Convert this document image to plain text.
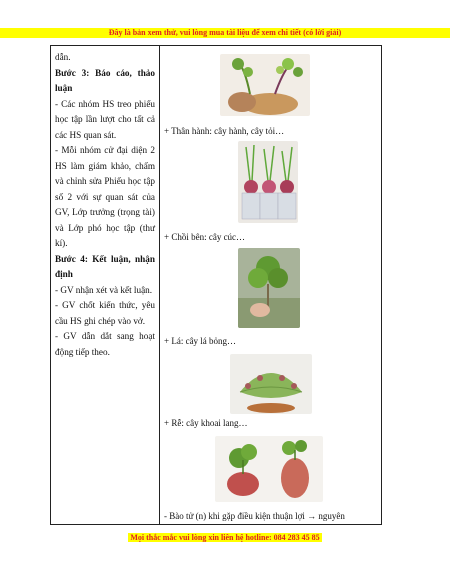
Đây là bản xem thử, vui lòng mua tài liệu để xem chi tiết (có lời giải)

dẫn.

Bước 3: Báo cáo, thảo luận

- Các nhóm HS treo phiếu học tập lần lượt cho tất cả các HS quan sát.

- Mỗi nhóm cử đại diện 2 HS làm giám khảo, chấm và chỉnh sửa Phiếu học tập số 2 với sự quan sát của GV, Lớp trưởng (trọng tài) và Lớp phó học tập (thư kí).

Bước 4: Kết luận, nhận định

- GV nhận xét và kết luận.

- GV chốt kiến thức, yêu cầu HS ghi chép vào vở.

- GV dẫn dắt sang hoạt động tiếp theo.

+ Thân hành: cây hành, cây tỏi…
+ Chồi bên: cây cúc…
+ Lá: cây lá bỏng…
+ Rễ: cây khoai lang…
- Bào tử (n) khi gặp điều kiện thuận lợi → nguyên
Mọi thắc mắc vui lòng xin liên hệ hotline: 084 283 45 85
